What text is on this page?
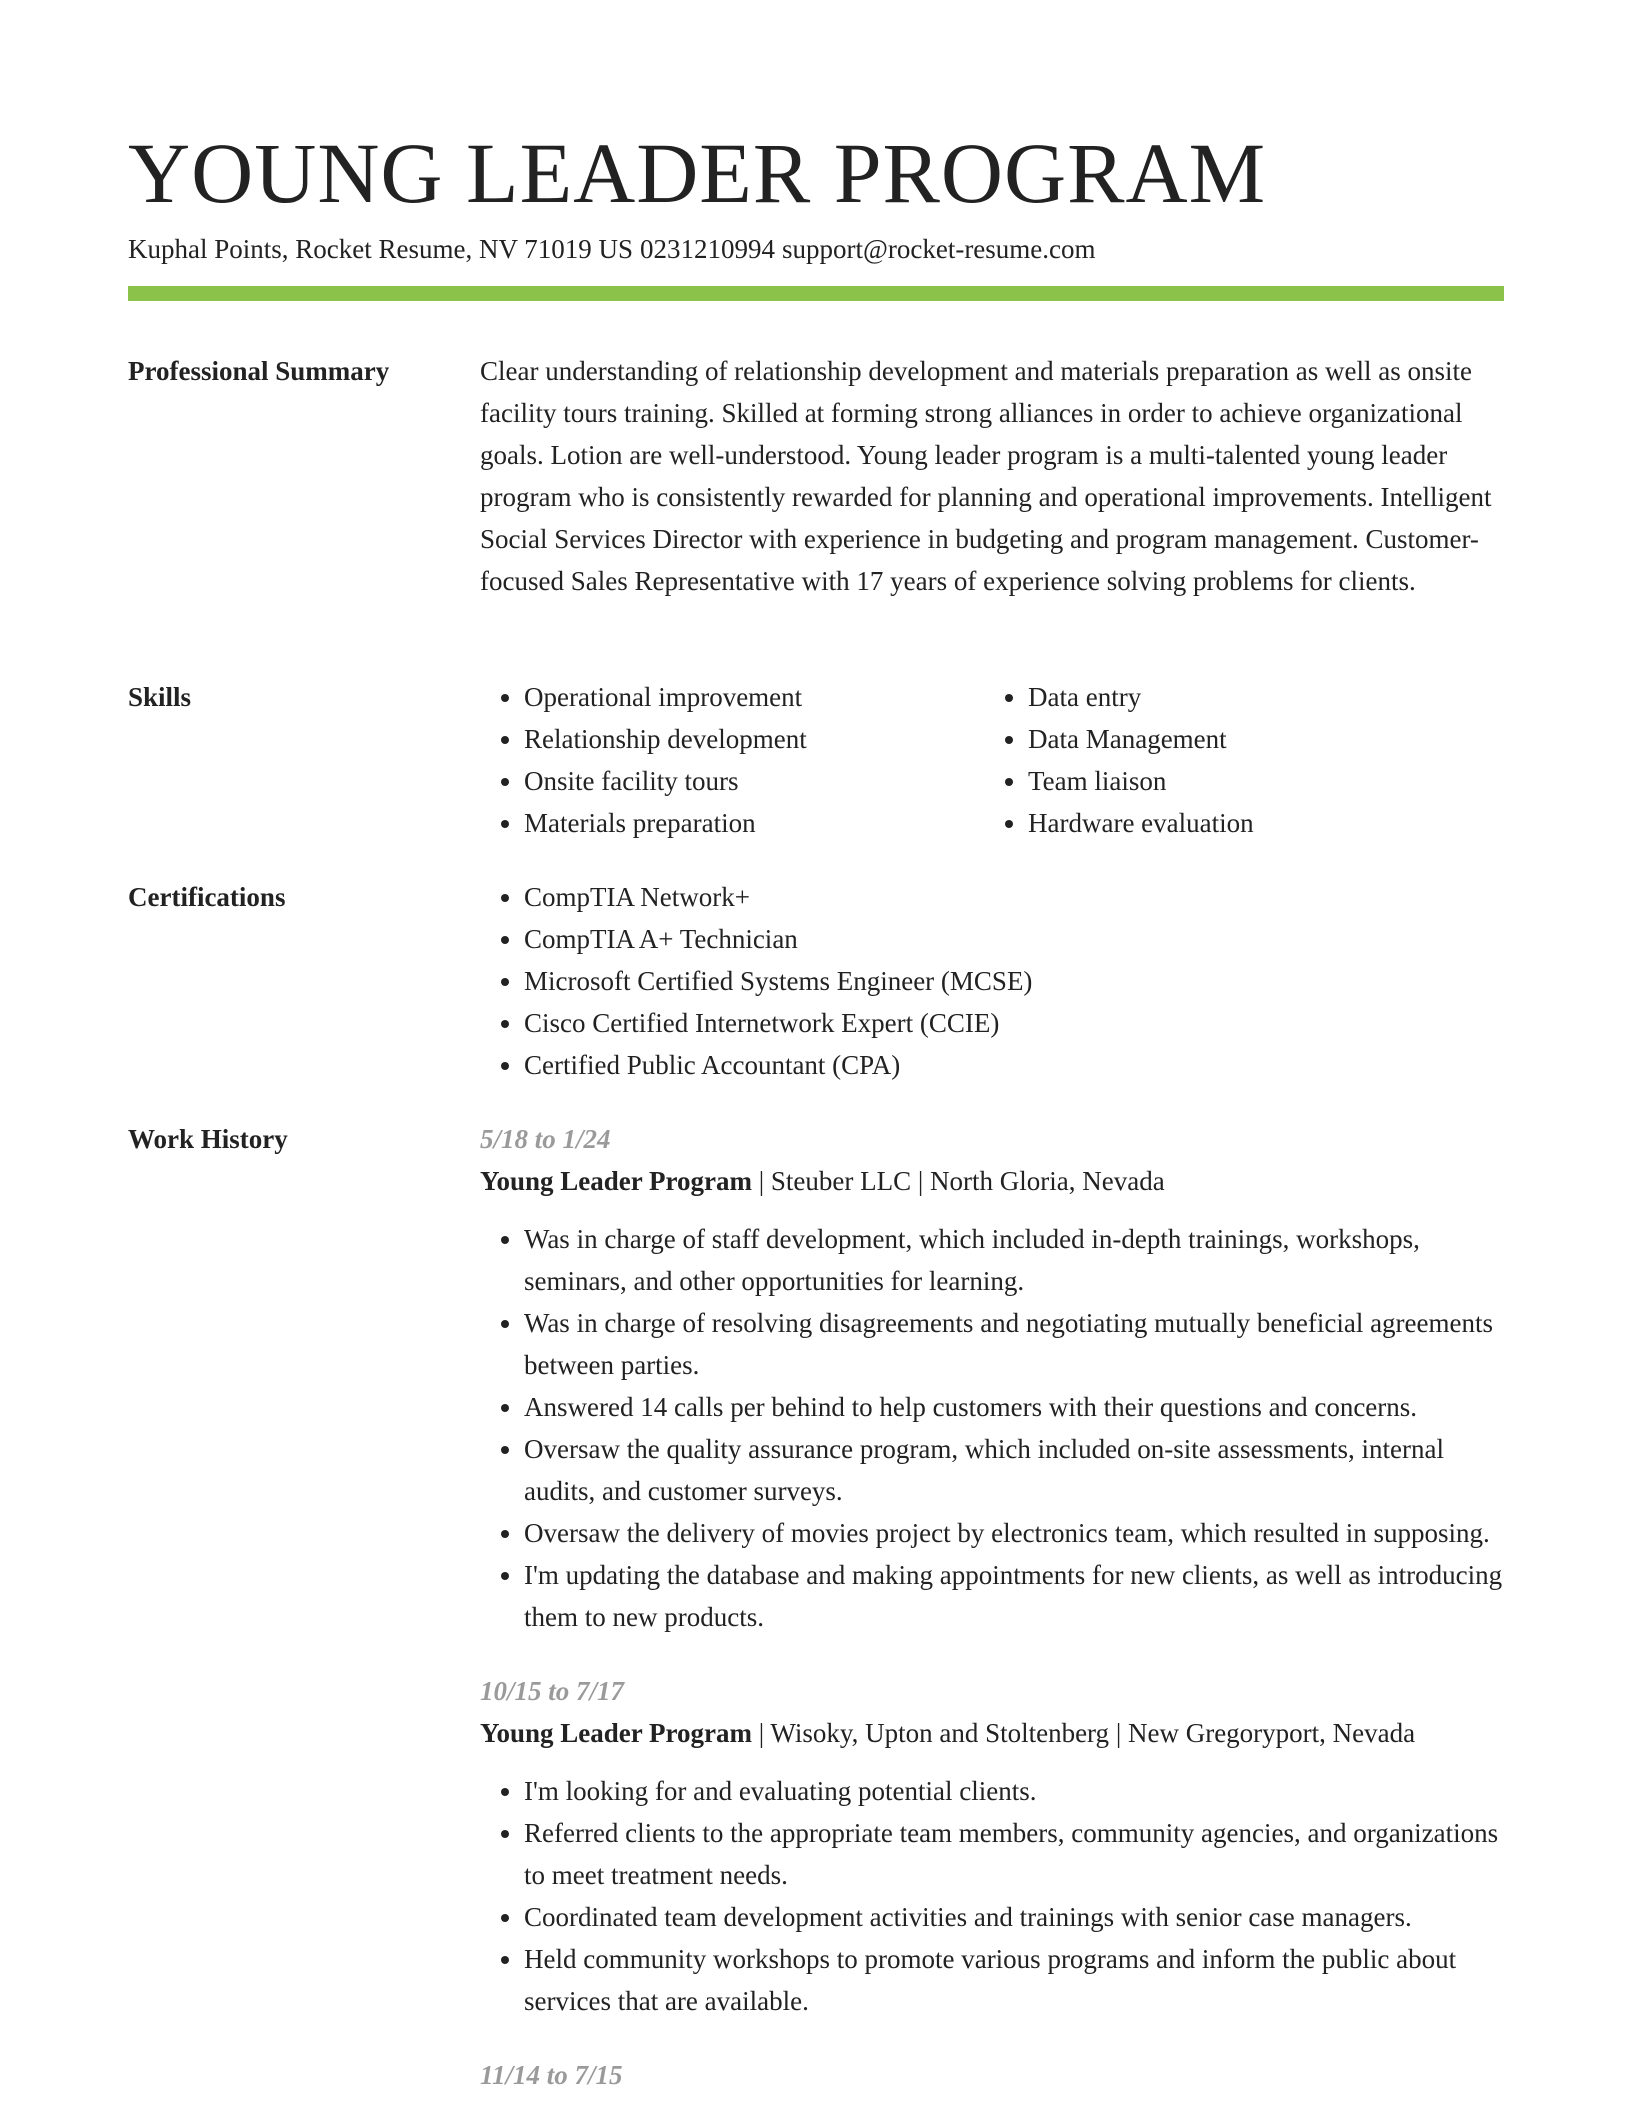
YOUNG LEADER PROGRAM
Kuphal Points, Rocket Resume, NV 71019 US 0231210994 support@rocket-resume.com
Professional Summary	Clear understanding of relationship development and materials preparation as well as onsite facility tours training. Skilled at forming strong alliances in order to achieve organizational goals. Lotion are well-understood. Young leader program is a multi-talented young leader program who is consistently rewarded for planning and operational improvements. Intelligent Social Services Director with experience in budgeting and program management. Customer-focused Sales Representative with 17 years of experience solving problems for clients.

Skills	• Operational improvement
• Relationship development
• Onsite facility tours
• Materials preparation
• Data entry
• Data Management
• Team liaison
• Hardware evaluation
Certifications	• CompTIA Network+
• CompTIA A+ Technician
• Microsoft Certified Systems Engineer (MCSE)
• Cisco Certified Internetwork Expert (CCIE)
• Certified Public Accountant (CPA)
Work History	5/18 to 1/24
Young Leader Program | Steuber LLC | North Gloria, Nevada
• Was in charge of staff development, which included in-depth trainings, workshops, seminars, and other opportunities for learning.
• Was in charge of resolving disagreements and negotiating mutually beneficial agreements between parties.
• Answered 14 calls per behind to help customers with their questions and concerns.
• Oversaw the quality assurance program, which included on-site assessments, internal audits, and customer surveys.
• Oversaw the delivery of movies project by electronics team, which resulted in supposing.
• I'm updating the database and making appointments for new clients, as well as introducing them to new products.
10/15 to 7/17
Young Leader Program | Wisoky, Upton and Stoltenberg | New Gregoryport, Nevada
• I'm looking for and evaluating potential clients.
• Referred clients to the appropriate team members, community agencies, and organizations to meet treatment needs.
• Coordinated team development activities and trainings with senior case managers.
• Held community workshops to promote various programs and inform the public about services that are available.
11/14 to 7/15
